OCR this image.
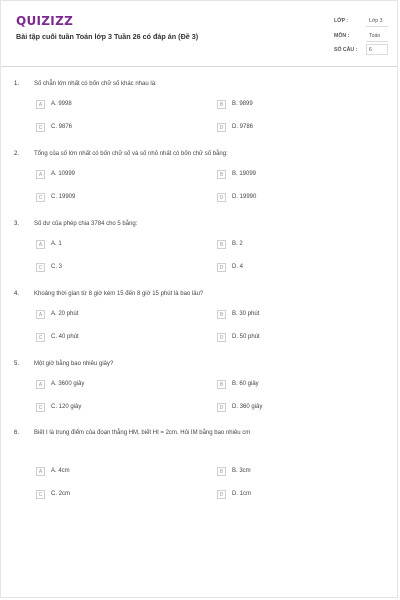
QUIZIZZ
Bài tập cuối tuần Toán lớp 3 Tuần 26 có đáp án (Đề 3)
LỚP :	Lớp 3
MÔN :	Toán
SỐ CÂU : 6
1. Số chẵn lớn nhất có bốn chữ số khác nhau là:
A	A. 9998	B	B. 9899
C	C. 9876	D	D. 9786
2. Tổng của số lớn nhất có bốn chữ số và số nhỏ nhất có bốn chữ số bằng:
A	A. 10999	B	B. 19099
C	C. 19909	D	D. 19990
3. Số dư của phép chia 3784 cho 5 bằng:
A	A. 1	B	B. 2
C	C. 3	D	D. 4
4. Khoảng thời gian từ 8 giờ kém 15 đến 8 giờ 15 phút là bao lâu?
A	A. 20 phút	B	B. 30 phút
C	C. 40 phút	D	D. 50 phút
5. Một giờ bằng bao nhiêu giây?
A	A. 3600 giây	B	B. 60 giây
C	C. 120 giây	D	D. 360 giây
6. Biết I là trung điểm của đoạn thẳng HM, biết HI = 2cm. Hỏi IM bằng bao nhiêu cm
A	A. 4cm	B	B. 3cm
C	C. 2cm	D	D. 1cm
